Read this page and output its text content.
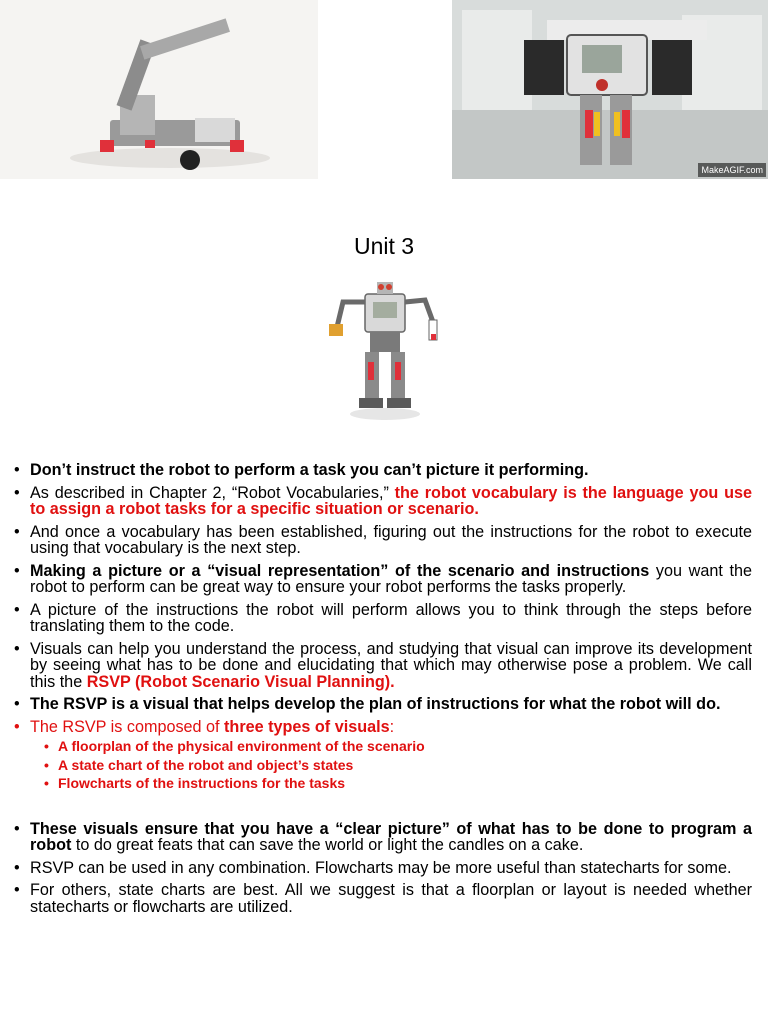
MakeAGIF.com
Unit 3
• Don’t instruct the robot to perform a task you can’t picture it performing.
• As described in Chapter 2, “Robot Vocabularies,” the robot vocabulary is the language you use to assign a robot tasks for a specific situation or scenario.
• And once a vocabulary has been established, figuring out the instructions for the robot to execute using that vocabulary is the next step.
• Making a picture or a “visual representation” of the scenario and instructions you want the robot to perform can be great way to ensure your robot performs the tasks properly.
• A picture of the instructions the robot will perform allows you to think through the steps before translating them to the code.
• Visuals can help you understand the process, and studying that visual can improve its development by seeing what has to be done and elucidating that which may otherwise pose a problem. We call this the RSVP (Robot Scenario Visual Planning).
• The RSVP is a visual that helps develop the plan of instructions for what the robot will do.
• The RSVP is composed of three types of visuals:
• A floorplan of the physical environment of the scenario
• A state chart of the robot and object’s states
• Flowcharts of the instructions for the tasks
• These visuals ensure that you have a “clear picture” of what has to be done to program a robot to do great feats that can save the world or light the candles on a cake.
• RSVP can be used in any combination. Flowcharts may be more useful than statecharts for some.
• For others, state charts are best. All we suggest is that a floorplan or layout is needed whether statecharts or flowcharts are utilized.
